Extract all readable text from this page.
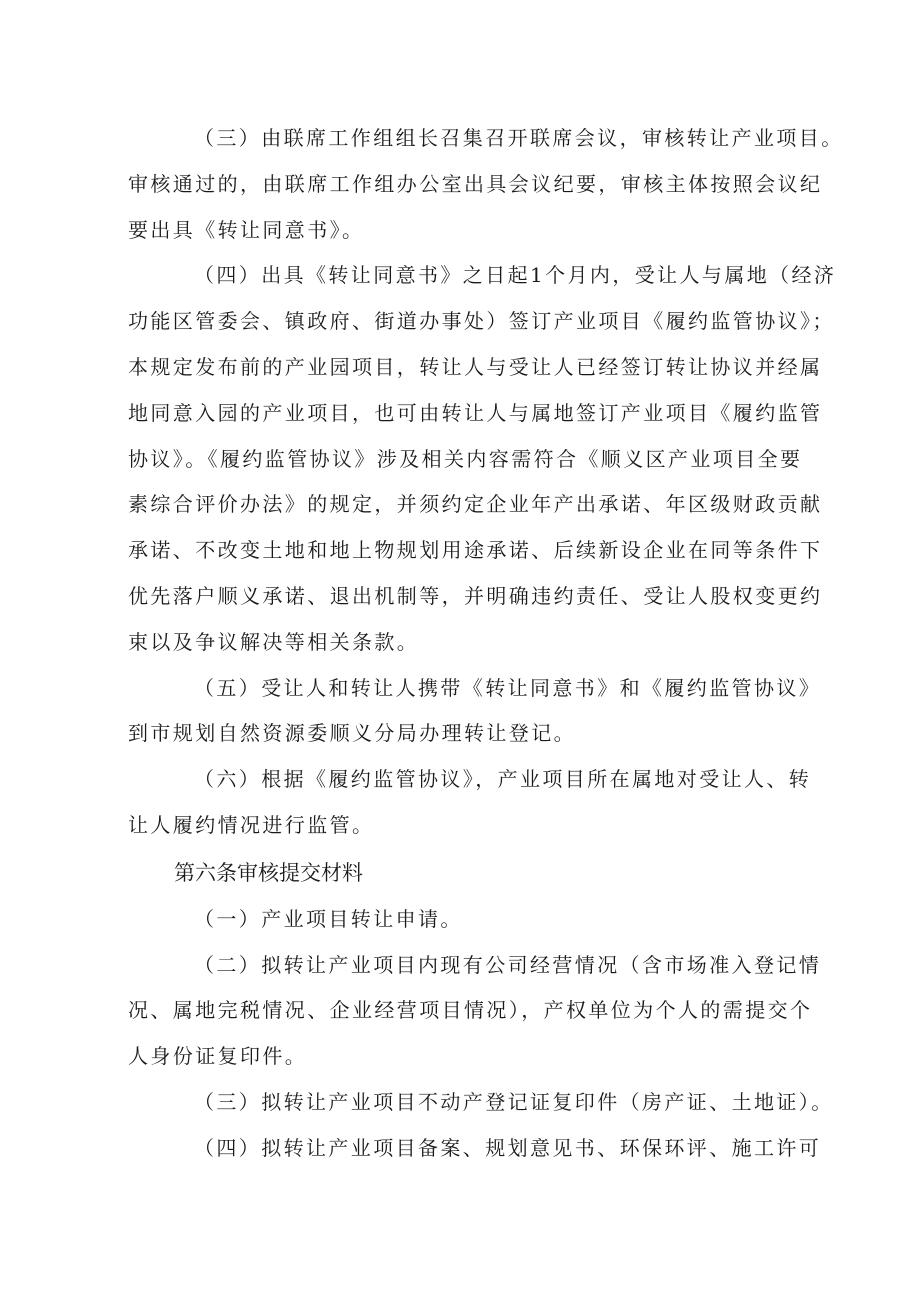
（三）由联席工作组组长召集召开联席会议，审核转让产业项目。
审核通过的，由联席工作组办公室出具会议纪要，审核主体按照会议纪
要出具《转让同意书》。
（四）出具《转让同意书》之日起1个月内，受让人与属地（经济
功能区管委会、镇政府、街道办事处）签订产业项目《履约监管协议》；
本规定发布前的产业园项目，转让人与受让人已经签订转让协议并经属
地同意入园的产业项目，也可由转让人与属地签订产业项目《履约监管
协议》。《履约监管协议》涉及相关内容需符合《顺义区产业项目全要
素综合评价办法》的规定，并须约定企业年产出承诺、年区级财政贡献
承诺、不改变土地和地上物规划用途承诺、后续新设企业在同等条件下
优先落户顺义承诺、退出机制等，并明确违约责任、受让人股权变更约
束以及争议解决等相关条款。
（五）受让人和转让人携带《转让同意书》和《履约监管协议》
到市规划自然资源委顺义分局办理转让登记。
（六）根据《履约监管协议》，产业项目所在属地对受让人、转
让人履约情况进行监管。
第六条审核提交材料
（一）产业项目转让申请。
（二）拟转让产业项目内现有公司经营情况（含市场准入登记情
况、属地完税情况、企业经营项目情况），产权单位为个人的需提交个
人身份证复印件。
（三）拟转让产业项目不动产登记证复印件（房产证、土地证）。
（四）拟转让产业项目备案、规划意见书、环保环评、施工许可
